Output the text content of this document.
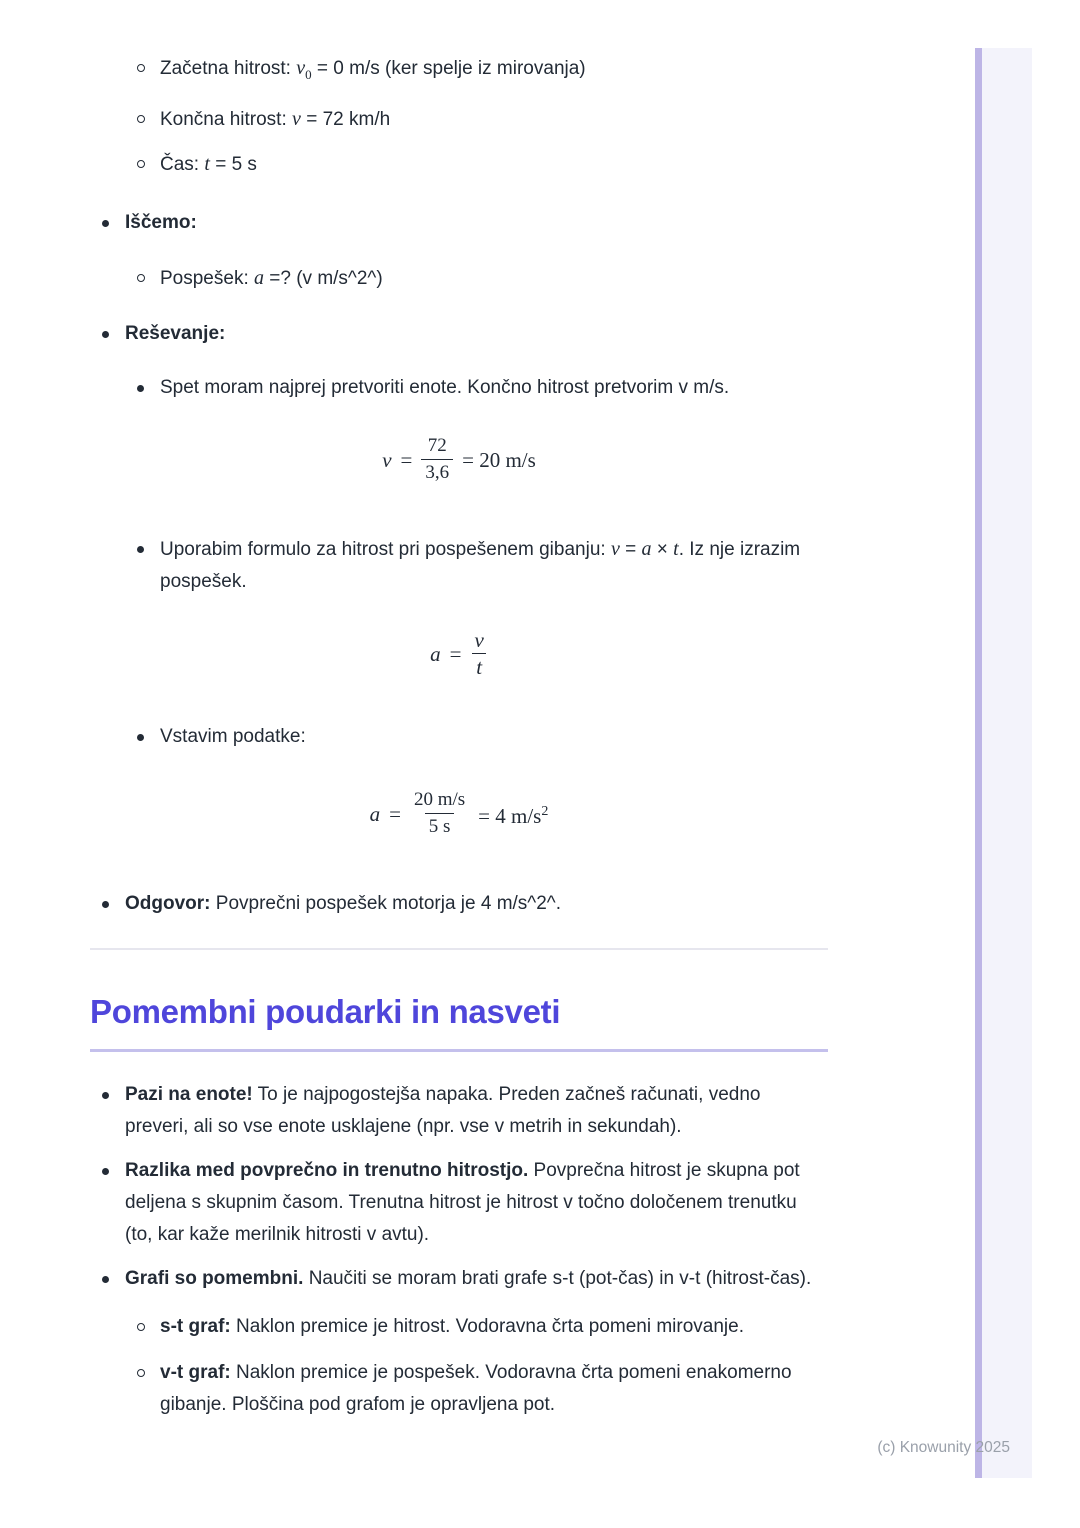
Začetna hitrost: $v_0 = 0$ m/s (ker spelje iz mirovanja)
Končna hitrost: v = 72 km/h
Čas: t = 5 s
Iščemo:
Pospešek: a =? (v m/s^2^)
Reševanje:
Spet moram najprej pretvoriti enote. Končno hitrost pretvorim v m/s.
$v = \frac{72}{3,6} = 20$ m/s
Uporabim formulo za hitrost pri pospešenem gibanju: v = a × t. Iz nje izrazim pospešek.
$a = \frac{v}{t}$
Vstavim podatke:
$a = \frac{20 m/s}{5 s} = 4$ $m/s^2$
Odgovor: Povprečni pospešek motorja je 4 m/s^2^.
Pomembni poudarki in nasveti
Pazi na enote! To je najpogostejša napaka. Preden začneš računati, vedno preveri, ali so vse enote usklajene (npr. vse v metrih in sekundah).
Razlika med povprečno in trenutno hitrostjo. Povprečna hitrost je skupna pot deljena s skupnim časom. Trenutna hitrost je hitrost v točno določenem trenutku (to, kar kaže merilnik hitrosti v avtu).
Grafi so pomembni. Naučiti se moram brati grafe s-t (pot-čas) in v-t (hitrost-čas).
s-t graf: Naklon premice je hitrost. Vodoravna črta pomeni mirovanje.
v-t graf: Naklon premice je pospešek. Vodoravna črta pomeni enakomerno gibanje. Ploščina pod grafom je opravljena pot.
(c) Knowunity 2025
